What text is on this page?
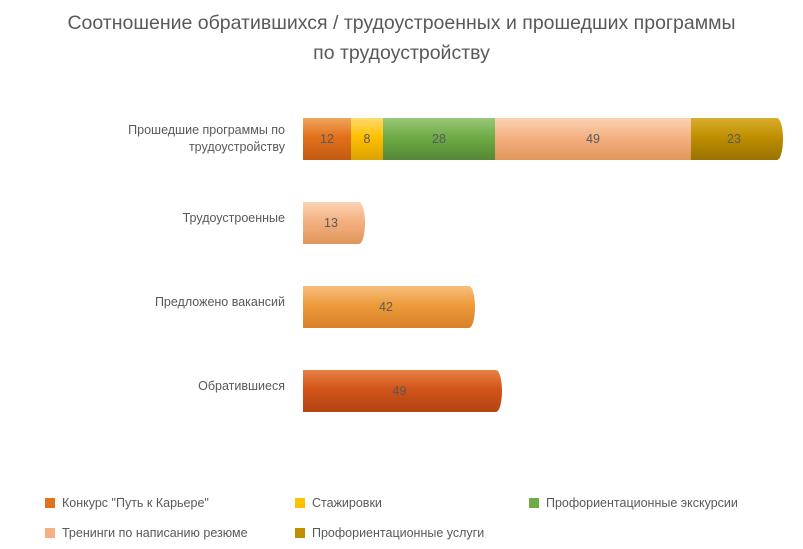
Соотношение обратившихся / трудоустроенных и прошедших программы по трудоустройству
Прошедшие программы по трудоустройству
Трудоустроенные
Предложено вакансий
Обратившиеся
12	8	28	49	23
13
42
49
Конкурс "Путь к Карьере"	Стажировки	Профориентационные экскурсии
Тренинги по написанию резюме	Профориентационные услуги
